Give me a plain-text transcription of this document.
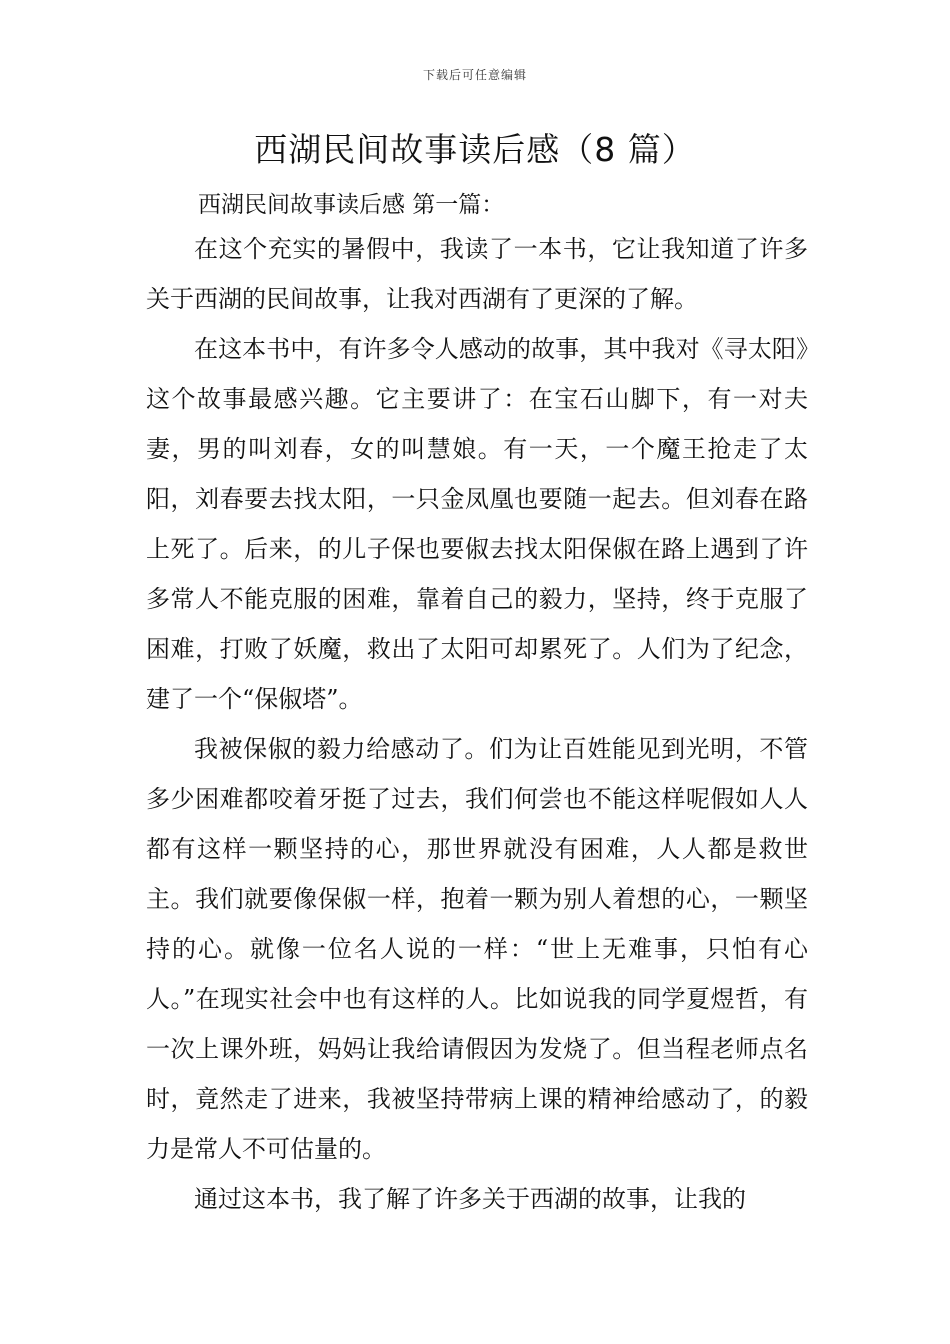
下载后可任意编辑
西湖民间故事读后感（8 篇）
西湖民间故事读后感 第一篇：

在这个充实的暑假中，我读了一本书，它让我知道了许多关于西湖的民间故事，让我对西湖有了更深的了解。

在这本书中，有许多令人感动的故事，其中我对《寻太阳》这个故事最感兴趣。它主要讲了：在宝石山脚下，有一对夫妻，男的叫刘春，女的叫慧娘。有一天，一个魔王抢走了太阳，刘春要去找太阳，一只金凤凰也要随一起去。但刘春在路上死了。后来，的儿子保也要俶去找太阳保俶在路上遇到了许多常人不能克服的困难，靠着自己的毅力，坚持，终于克服了困难，打败了妖魔，救出了太阳可却累死了。人们为了纪念，建了一个“保俶塔”。

我被保俶的毅力给感动了。们为让百姓能见到光明，不管多少困难都咬着牙挺了过去，我们何尝也不能这样呢假如人人都有这样一颗坚持的心，那世界就没有困难，人人都是救世主。我们就要像保俶一样，抱着一颗为别人着想的心，一颗坚持的心。就像一位名人说的一样：“世上无难事，只怕有心人。”在现实社会中也有这样的人。比如说我的同学夏煜哲，有一次上课外班，妈妈让我给请假因为发烧了。但当程老师点名时，竟然走了进来，我被坚持带病上课的精神给感动了，的毅力是常人不可估量的。

通过这本书，我了解了许多关于西湖的故事，让我的
